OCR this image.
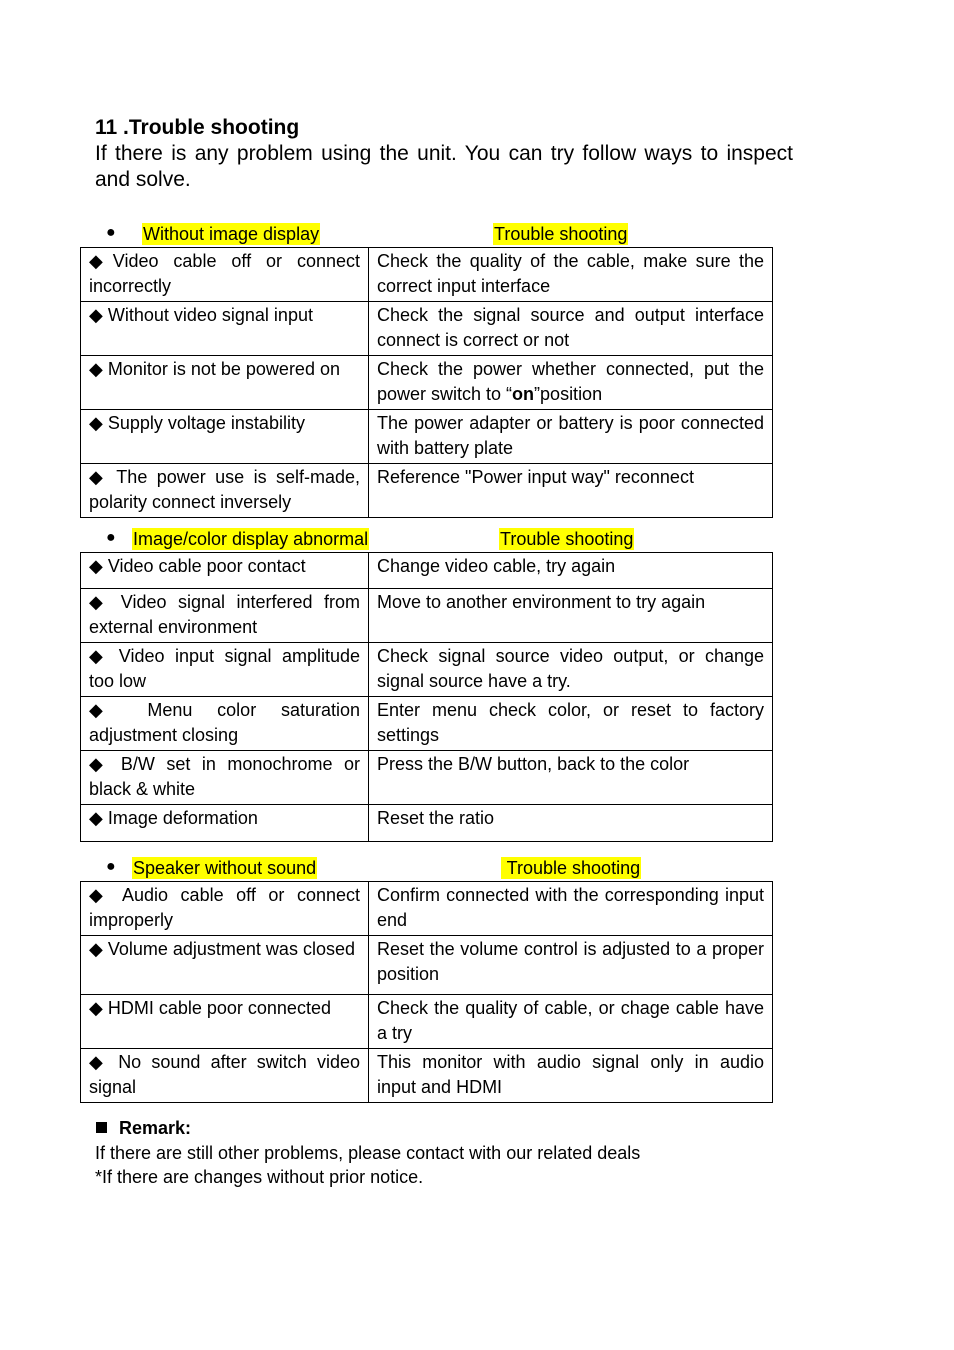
11 .Trouble shooting
If there is any problem using the unit. You can try follow ways to inspect and solve.
● Without image display	Trouble shooting
◆Video cable off or connect incorrectly	Check the quality of the cable, make sure the correct input interface
◆ Without video signal input	Check the signal source and output interface connect is correct or not
◆ Monitor is not be powered on	Check the power whether connected, put the power switch to “on”position
◆ Supply voltage instability	The power adapter or battery is poor connected with battery plate
◆ The power use is self-made, polarity connect inversely	Reference "Power input way" reconnect
● Image/color display abnormal	Trouble shooting
◆ Video cable poor contact	Change video cable, try again
◆ Video signal interfered from external environment	Move to another environment to try again
◆ Video input signal amplitude too low	Check signal source video output, or change signal source have a try.
◆ Menu color saturation adjustment closing	Enter menu check color, or reset to factory settings
◆ B/W set in monochrome or black & white	Press the B/W button, back to the color
◆ Image deformation	Reset the ratio
● Speaker without sound	Trouble shooting
◆ Audio cable off or connect improperly	Confirm connected with the corresponding input end
◆ Volume adjustment was closed	Reset the volume control is adjusted to a proper position
◆ HDMI cable poor connected	Check the quality of cable, or chage cable have a try
◆ No sound after switch video signal	This monitor with audio signal only in audio input and HDMI
Remark:
If there are still other problems, please contact with our related deals
*If there are changes without prior notice.
